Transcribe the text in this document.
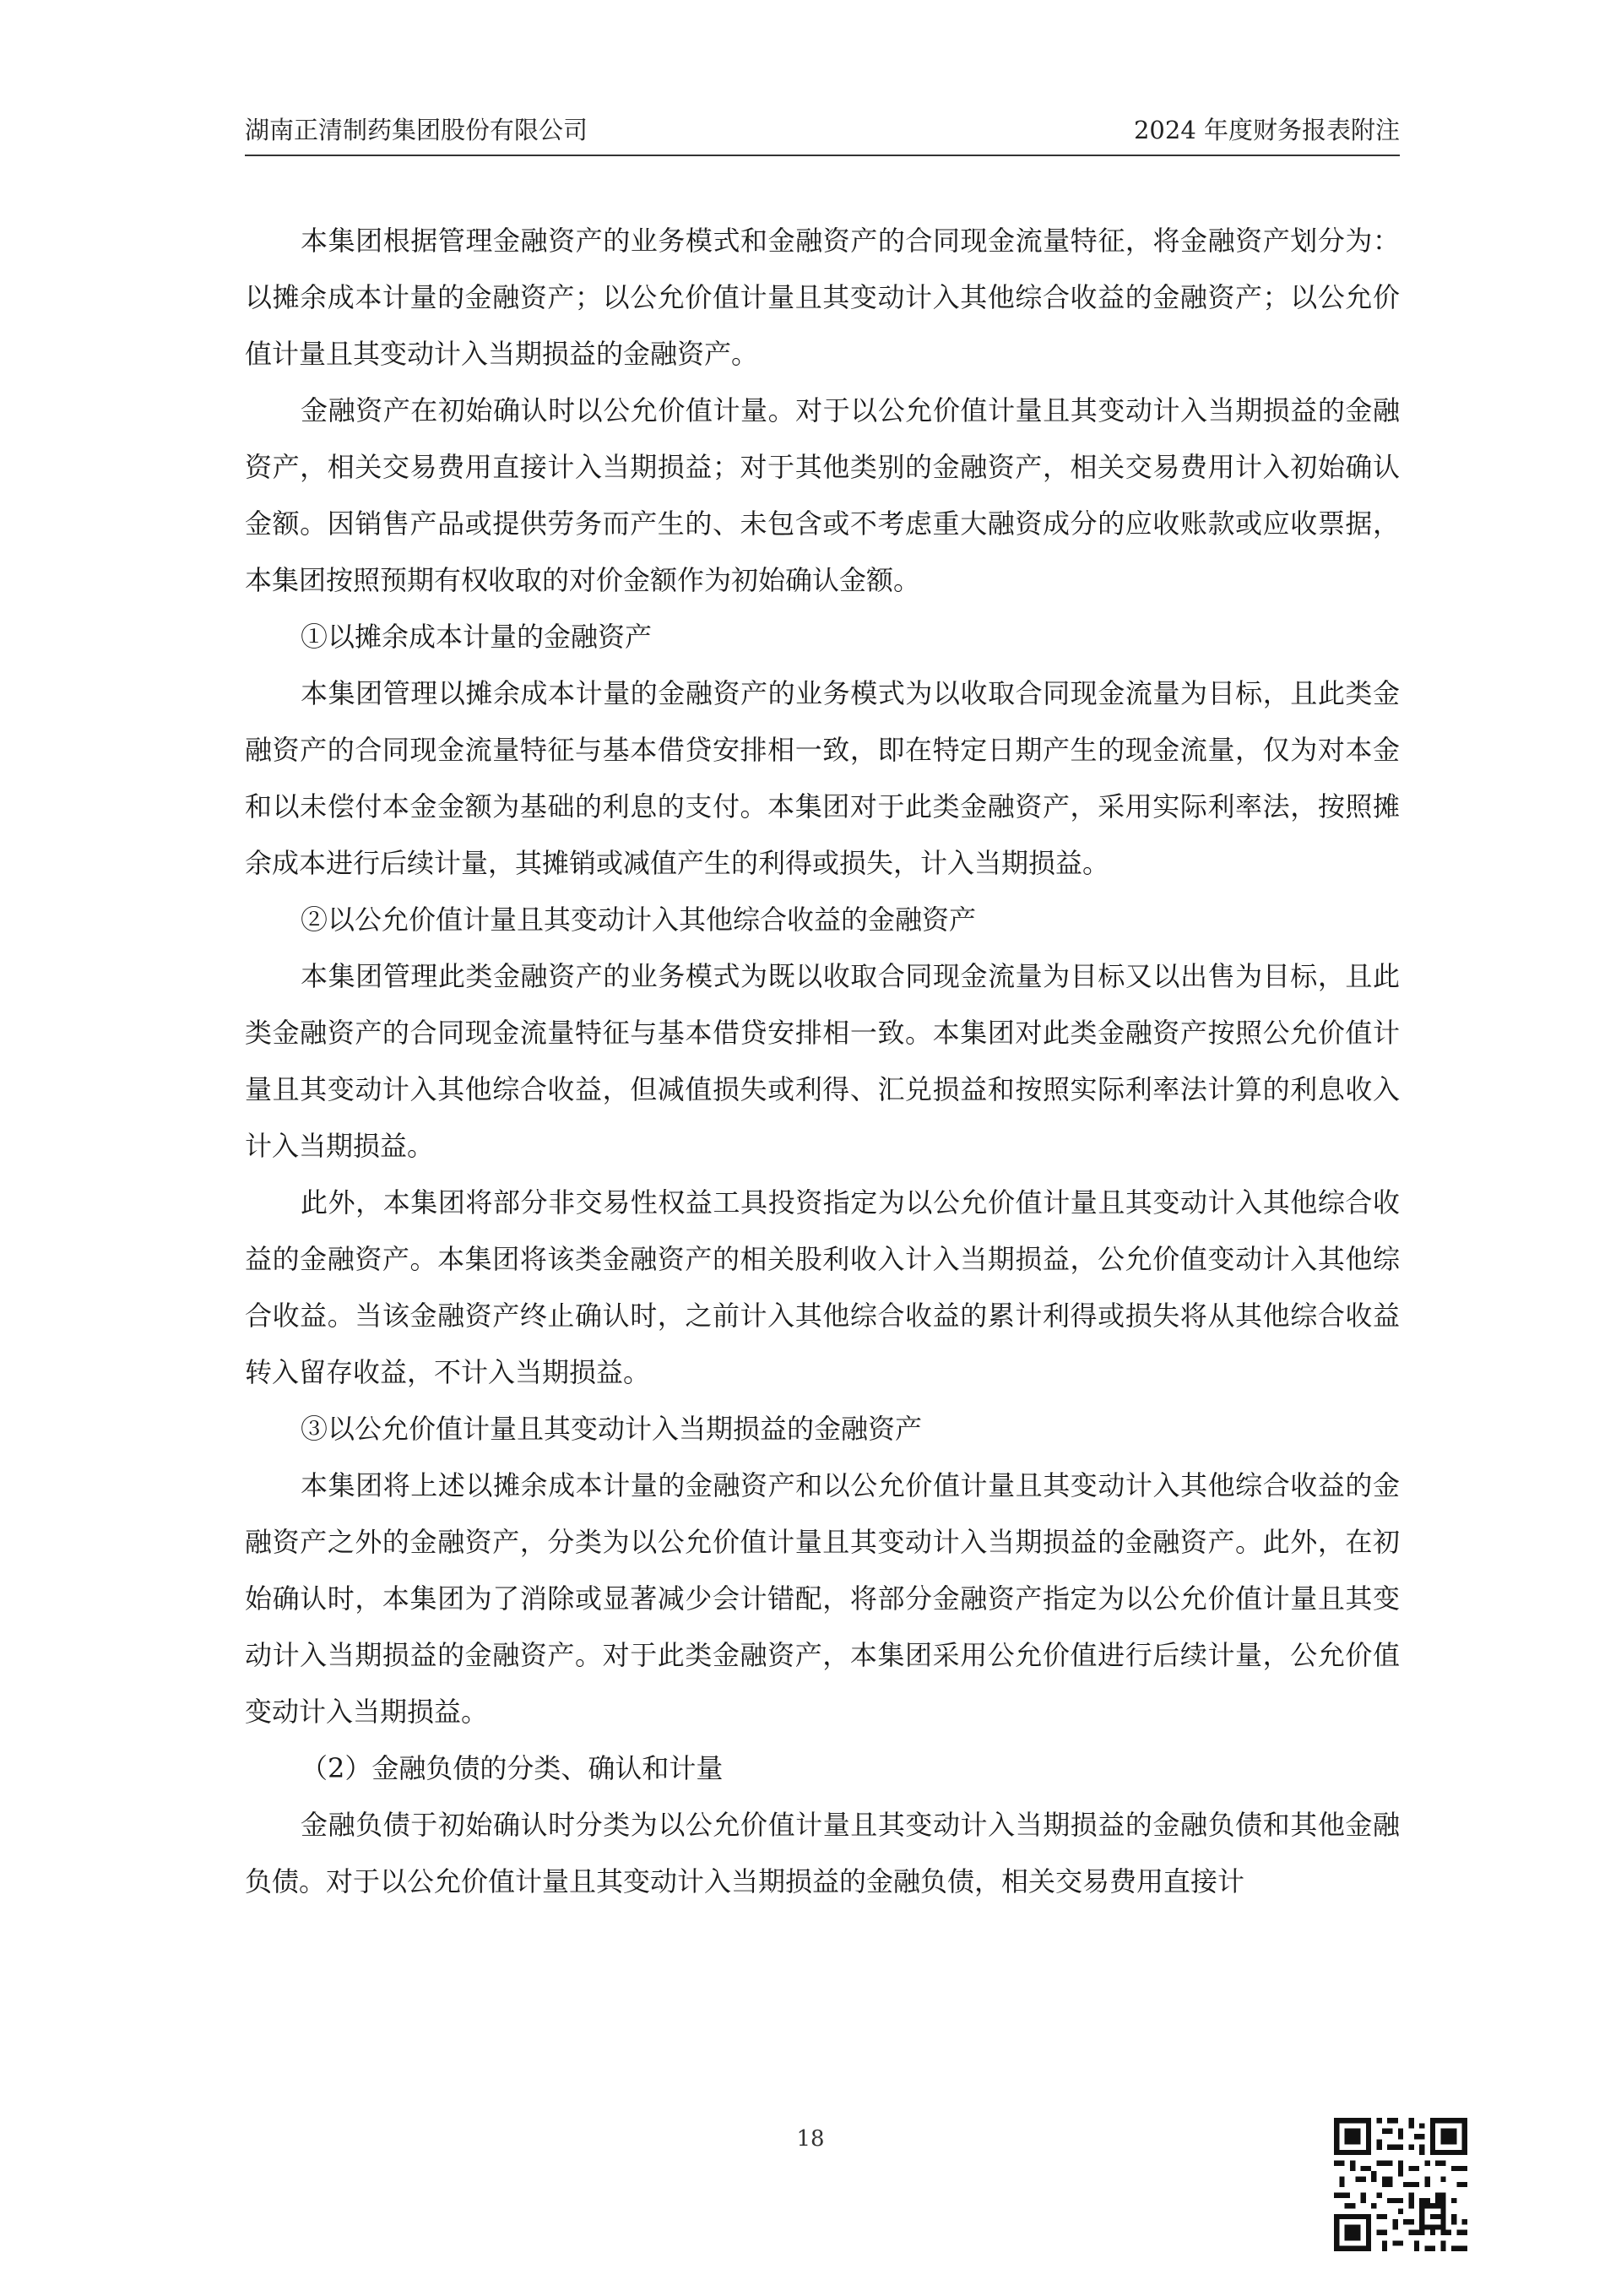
湖南正清制药集团股份有限公司	2024 年度财务报表附注

本集团根据管理金融资产的业务模式和金融资产的合同现金流量特征，将金融资产划分为：以摊余成本计量的金融资产；以公允价值计量且其变动计入其他综合收益的金融资产；以公允价值计量且其变动计入当期损益的金融资产。

金融资产在初始确认时以公允价值计量。对于以公允价值计量且其变动计入当期损益的金融资产，相关交易费用直接计入当期损益；对于其他类别的金融资产，相关交易费用计入初始确认金额。因销售产品或提供劳务而产生的、未包含或不考虑重大融资成分的应收账款或应收票据，本集团按照预期有权收取的对价金额作为初始确认金额。

①以摊余成本计量的金融资产

本集团管理以摊余成本计量的金融资产的业务模式为以收取合同现金流量为目标，且此类金融资产的合同现金流量特征与基本借贷安排相一致，即在特定日期产生的现金流量，仅为对本金和以未偿付本金金额为基础的利息的支付。本集团对于此类金融资产，采用实际利率法，按照摊余成本进行后续计量，其摊销或减值产生的利得或损失，计入当期损益。

②以公允价值计量且其变动计入其他综合收益的金融资产

本集团管理此类金融资产的业务模式为既以收取合同现金流量为目标又以出售为目标，且此类金融资产的合同现金流量特征与基本借贷安排相一致。本集团对此类金融资产按照公允价值计量且其变动计入其他综合收益，但减值损失或利得、汇兑损益和按照实际利率法计算的利息收入计入当期损益。

此外，本集团将部分非交易性权益工具投资指定为以公允价值计量且其变动计入其他综合收益的金融资产。本集团将该类金融资产的相关股利收入计入当期损益，公允价值变动计入其他综合收益。当该金融资产终止确认时，之前计入其他综合收益的累计利得或损失将从其他综合收益转入留存收益，不计入当期损益。

③以公允价值计量且其变动计入当期损益的金融资产

本集团将上述以摊余成本计量的金融资产和以公允价值计量且其变动计入其他综合收益的金融资产之外的金融资产，分类为以公允价值计量且其变动计入当期损益的金融资产。此外，在初始确认时，本集团为了消除或显著减少会计错配，将部分金融资产指定为以公允价值计量且其变动计入当期损益的金融资产。对于此类金融资产，本集团采用公允价值进行后续计量，公允价值变动计入当期损益。

（2）金融负债的分类、确认和计量

金融负债于初始确认时分类为以公允价值计量且其变动计入当期损益的金融负债和其他金融负债。对于以公允价值计量且其变动计入当期损益的金融负债，相关交易费用直接计

18
